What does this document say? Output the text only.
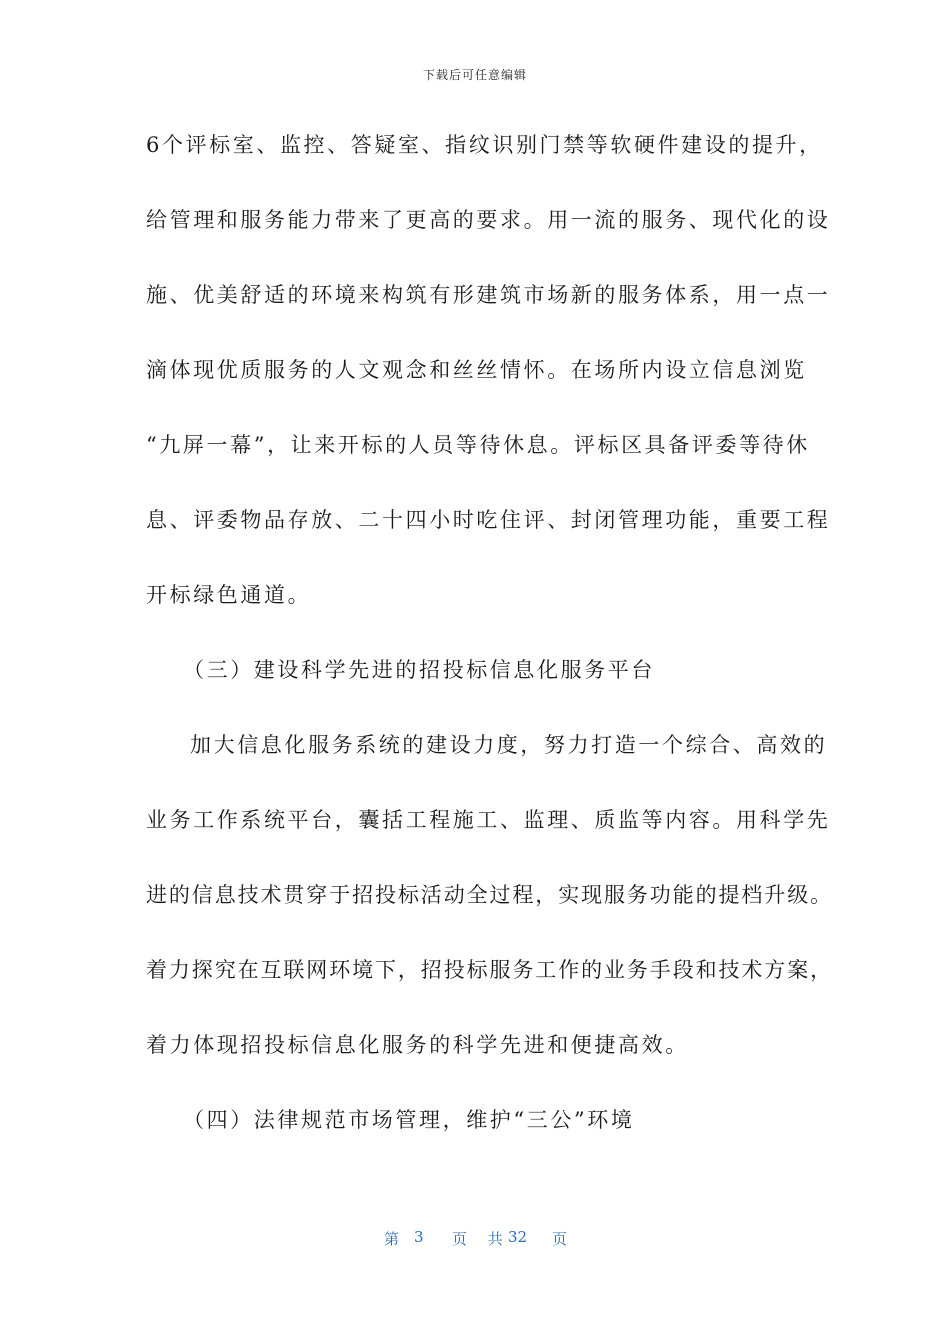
下载后可任意编辑
6个评标室、监控、答疑室、指纹识别门禁等软硬件建设的提升，
给管理和服务能力带来了更高的要求。用一流的服务、现代化的设
施、优美舒适的环境来构筑有形建筑市场新的服务体系，用一点一
滴体现优质服务的人文观念和丝丝情怀。在场所内设立信息浏览
“九屏一幕”，让来开标的人员等待休息。评标区具备评委等待休
息、评委物品存放、二十四小时吃住评、封闭管理功能，重要工程
开标绿色通道。
（三）建设科学先进的招投标信息化服务平台
加大信息化服务系统的建设力度，努力打造一个综合、高效的
业务工作系统平台，囊括工程施工、监理、质监等内容。用科学先
进的信息技术贯穿于招投标活动全过程，实现服务功能的提档升级。
着力探究在互联网环境下，招投标服务工作的业务手段和技术方案，
着力体现招投标信息化服务的科学先进和便捷高效。
（四）法律规范市场管理，维护“三公”环境
第 3 页 共
32 页
